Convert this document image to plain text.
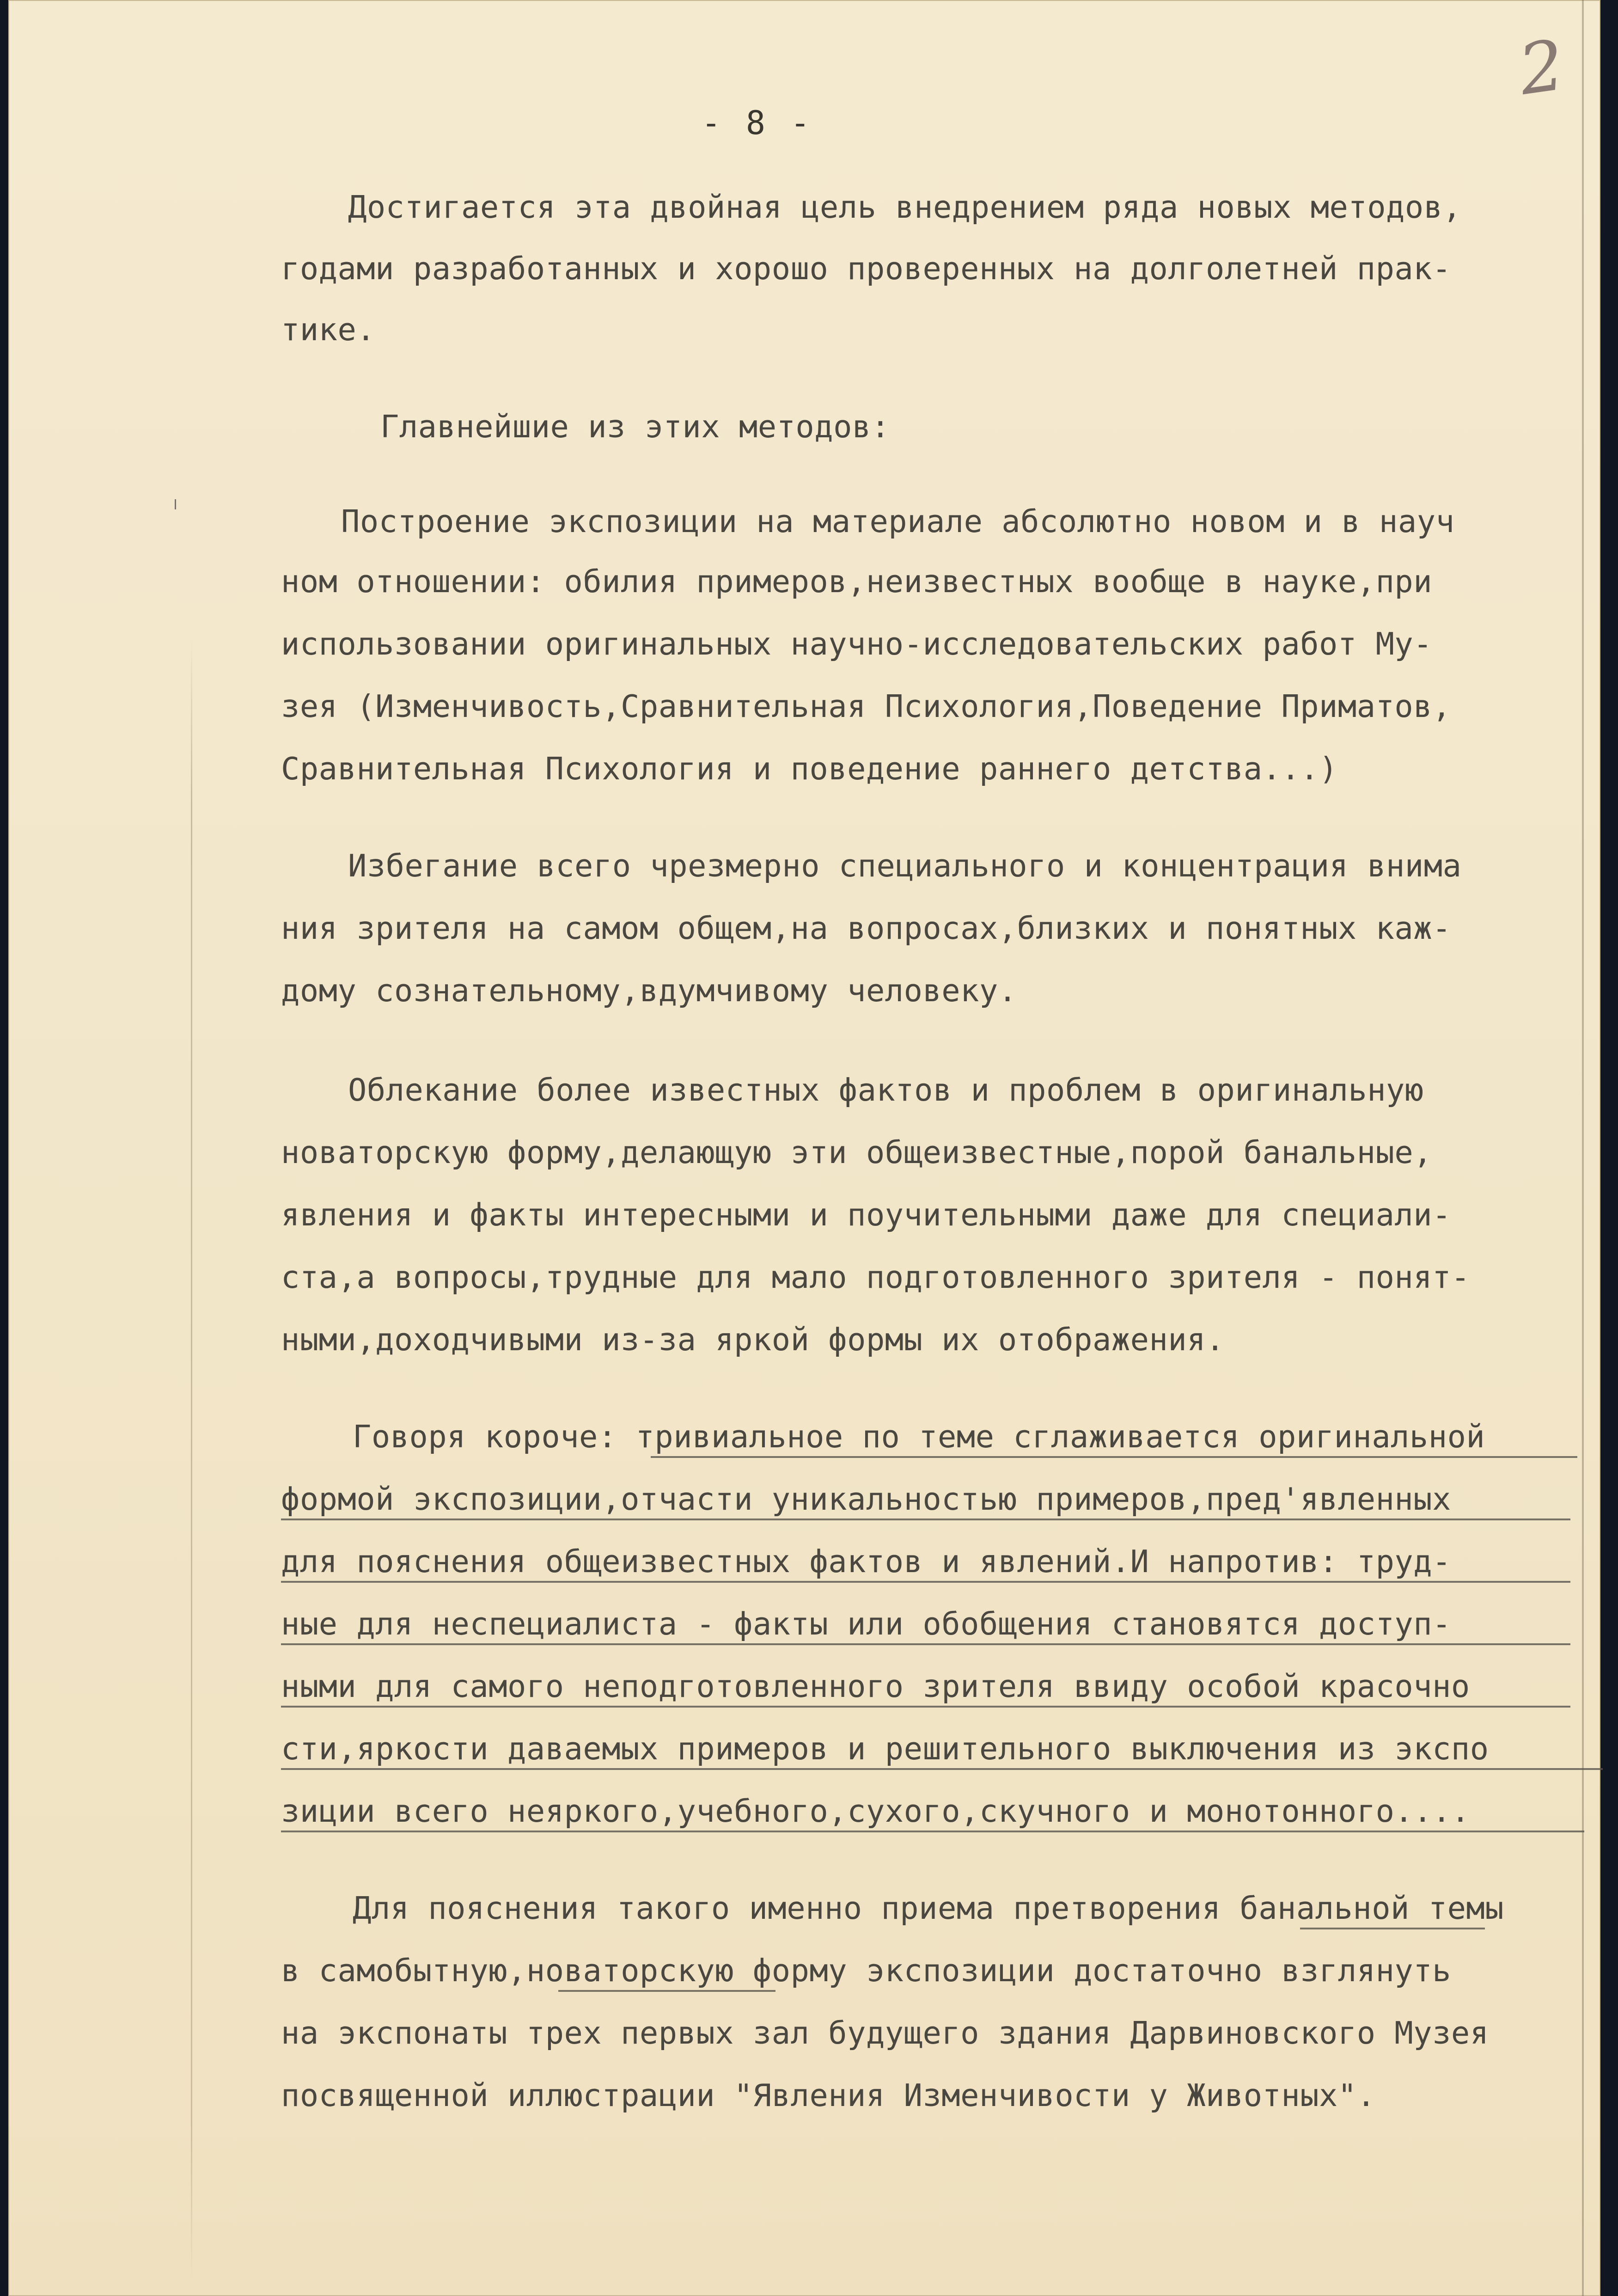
2
- 8 -
Достигается эта двойная цель внедрением ряда новых методов,
годами разработанных и хорошо проверенных на долголетней прак-
тике.
Главнейшие из этих методов:
Построение экспозиции на материале абсолютно новом и в науч
ном отношении: обилия примеров,неизвестных вообще в науке,при
использовании оригинальных научно-исследовательских работ Му-
зея (Изменчивость,Сравнительная Психология,Поведение Приматов,
Сравнительная Психология и поведение раннего детства...)
Избегание всего чрезмерно специального и концентрация внима
ния зрителя на самом общем,на вопросах,близких и понятных каж-
дому сознательному,вдумчивому человеку.
Облекание более известных фактов и проблем в оригинальную
новаторскую форму,делающую эти общеизвестные,порой банальные,
явления и факты интересными и поучительными даже для специали-
ста,а вопросы,трудные для мало подготовленного зрителя - понят-
ными,доходчивыми из-за яркой формы их отображения.
Говоря короче: тривиальное по теме сглаживается оригинальной
формой экспозиции,отчасти уникальностью примеров,пред'явленных
для пояснения общеизвестных фактов и явлений.И напротив: труд-
ные для неспециалиста - факты или обобщения становятся доступ-
ными для самого неподготовленного зрителя ввиду особой красочно
сти,яркости даваемых примеров и решительного выключения из экспо
зиции всего неяркого,учебного,сухого,скучного и монотонного....
Для пояснения такого именно приема претворения банальной темы
в самобытную,новаторскую форму экспозиции достаточно взглянуть
на экспонаты трех первых зал будущего здания Дарвиновского Музея
посвященной иллюстрации "Явления Изменчивости у Животных".
